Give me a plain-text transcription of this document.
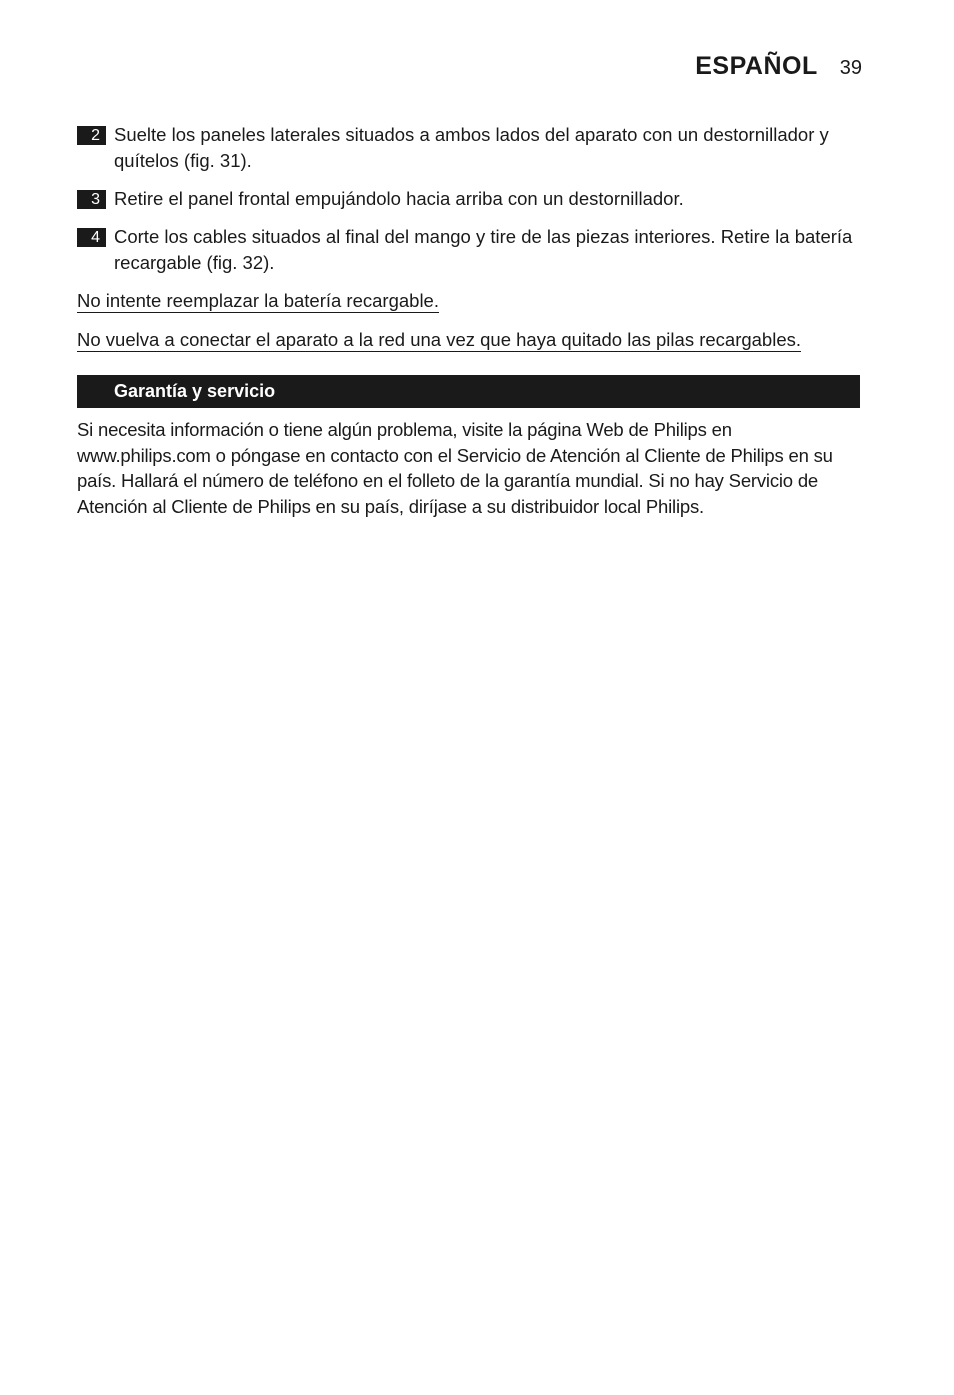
ESPAÑOL 39
2 Suelte los paneles laterales situados a ambos lados del aparato con un destornillador y quítelos (fig. 31).
3 Retire el panel frontal empujándolo hacia arriba con un destornillador.
4 Corte los cables situados al final del mango y tire de las piezas interiores. Retire la batería recargable (fig. 32).
No intente reemplazar la batería recargable.
No vuelva a conectar el aparato a la red una vez que haya quitado las pilas recargables.
Garantía y servicio
Si necesita información o tiene algún problema, visite la página Web de Philips en www.philips.com o póngase en contacto con el Servicio de Atención al Cliente de Philips en su país. Hallará el número de teléfono en el folleto de la garantía mundial. Si no hay Servicio de Atención al Cliente de Philips en su país, diríjase a su distribuidor local Philips.
